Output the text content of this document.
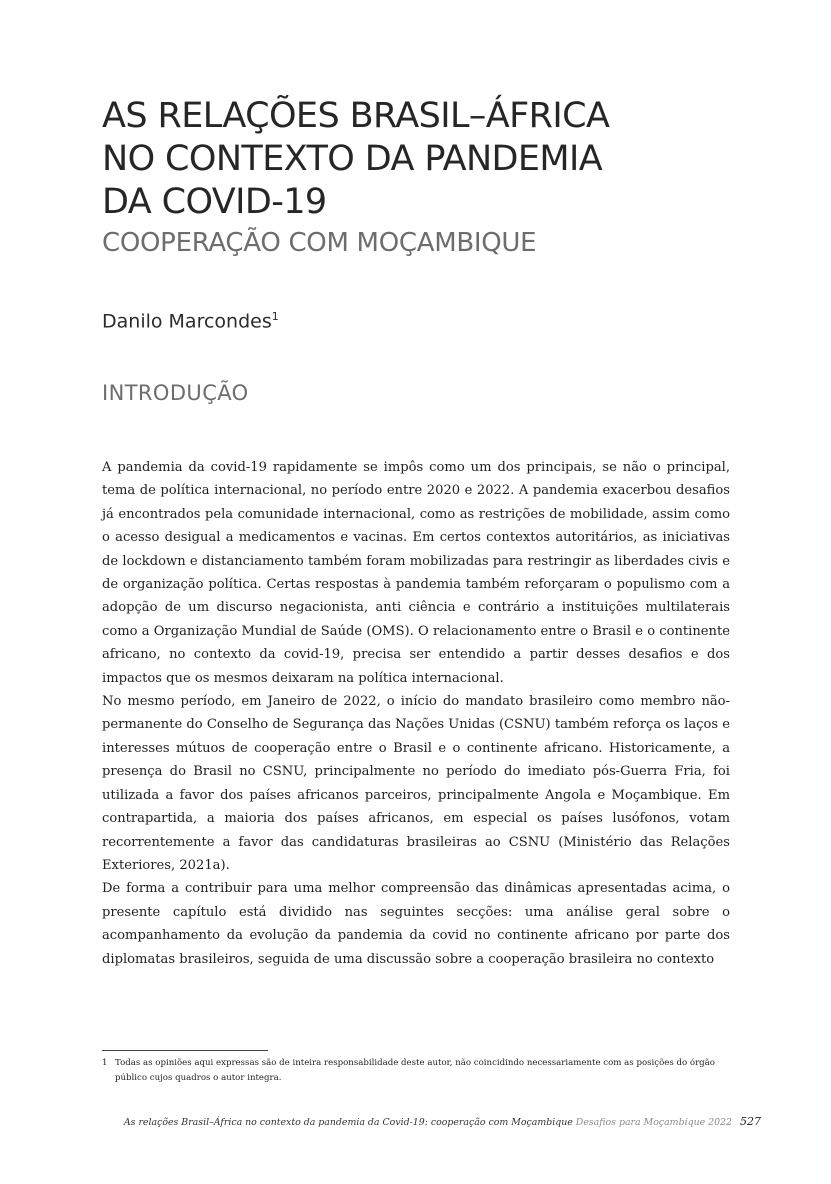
AS RELAÇÕES BRASIL–ÁFRICA
NO CONTEXTO DA PANDEMIA
DA COVID-19
COOPERAÇÃO COM MOÇAMBIQUE
Danilo Marcondes$^1$
INTRODUÇÃO

A pandemia da covid-19 rapidamente se impôs como um dos principais, se não o principal, tema de política internacional, no período entre 2020 e 2022. A pandemia exacerbou desafios já encontrados pela comunidade internacional, como as restrições de mobilidade, assim como o acesso desigual a medicamentos e vacinas. Em certos contextos autoritários, as iniciativas de lockdown e distanciamento também foram mobilizadas para restringir as liberdades civis e de organização política. Certas respostas à pandemia também reforçaram o populismo com a adopção de um discurso negacionista, anti ciência e contrário a instituições multilaterais como a Organização Mundial de Saúde (OMS). O relacionamento entre o Brasil e o continente africano, no contexto da covid-19, precisa ser entendido a partir desses desafios e dos impactos que os mesmos deixaram na política internacional.

No mesmo período, em Janeiro de 2022, o início do mandato brasileiro como membro não-permanente do Conselho de Segurança das Nações Unidas (CSNU) também reforça os laços e interesses mútuos de cooperação entre o Brasil e o continente africano. Historicamente, a presença do Brasil no CSNU, principalmente no período do imediato pós-Guerra Fria, foi utilizada a favor dos países africanos parceiros, principalmente Angola e Moçambique. Em contrapartida, a maioria dos países africanos, em especial os países lusófonos, votam recorrentemente a favor das candidaturas brasileiras ao CSNU (Ministério das Relações Exteriores, 2021a).

De forma a contribuir para uma melhor compreensão das dinâmicas apresentadas acima, o presente capítulo está dividido nas seguintes secções: uma análise geral sobre o acompanhamento da evolução da pandemia da covid no continente africano por parte dos diplomatas brasileiros, seguida de uma discussão sobre a cooperação brasileira no contexto

1 Todas as opiniões aqui expressas são de inteira responsabilidade deste autor, não coincidindo necessariamente com as posições do órgão público cujos quadros o autor integra.
As relações Brasil–África no contexto da pandemia da Covid-19: cooperação com Moçambique Desafios para Moçambique 2022 527
